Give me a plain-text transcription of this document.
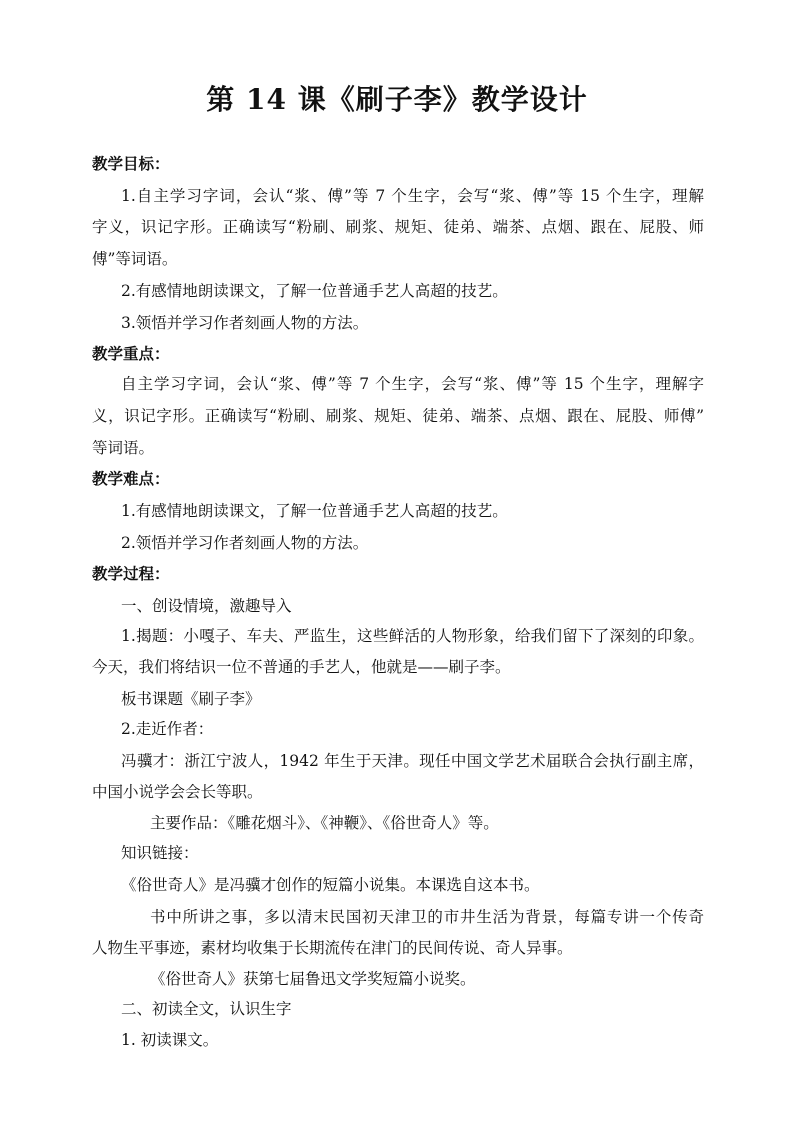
第 14 课《刷子李》教学设计
教学目标：
1.自主学习字词，会认“浆、傅”等 7 个生字，会写“浆、傅”等 15 个生字，理解
字义，识记字形。正确读写“粉刷、刷浆、规矩、徒弟、端茶、点烟、跟在、屁股、师
傅”等词语。
2.有感情地朗读课文，了解一位普通手艺人高超的技艺。
3.领悟并学习作者刻画人物的方法。
教学重点：
自主学习字词，会认“浆、傅”等 7 个生字，会写“浆、傅”等 15 个生字，理解字
义，识记字形。正确读写“粉刷、刷浆、规矩、徒弟、端茶、点烟、跟在、屁股、师傅”
等词语。
教学难点：
1.有感情地朗读课文，了解一位普通手艺人高超的技艺。
2.领悟并学习作者刻画人物的方法。
教学过程：
一、创设情境，激趣导入
1.揭题：小嘎子、车夫、严监生，这些鲜活的人物形象，给我们留下了深刻的印象。
今天，我们将结识一位不普通的手艺人，他就是——刷子李。
板书课题《刷子李》
2.走近作者：
冯骥才：浙江宁波人，1942 年生于天津。现任中国文学艺术届联合会执行副主席，
中国小说学会会长等职。
主要作品：《雕花烟斗》、《神鞭》、《俗世奇人》等。
知识链接：
《俗世奇人》是冯骥才创作的短篇小说集。本课选自这本书。
书中所讲之事，多以清末民国初天津卫的市井生活为背景，每篇专讲一个传奇
人物生平事迹，素材均收集于长期流传在津门的民间传说、奇人异事。
《俗世奇人》获第七届鲁迅文学奖短篇小说奖。
二、初读全文，认识生字
1. 初读课文。
